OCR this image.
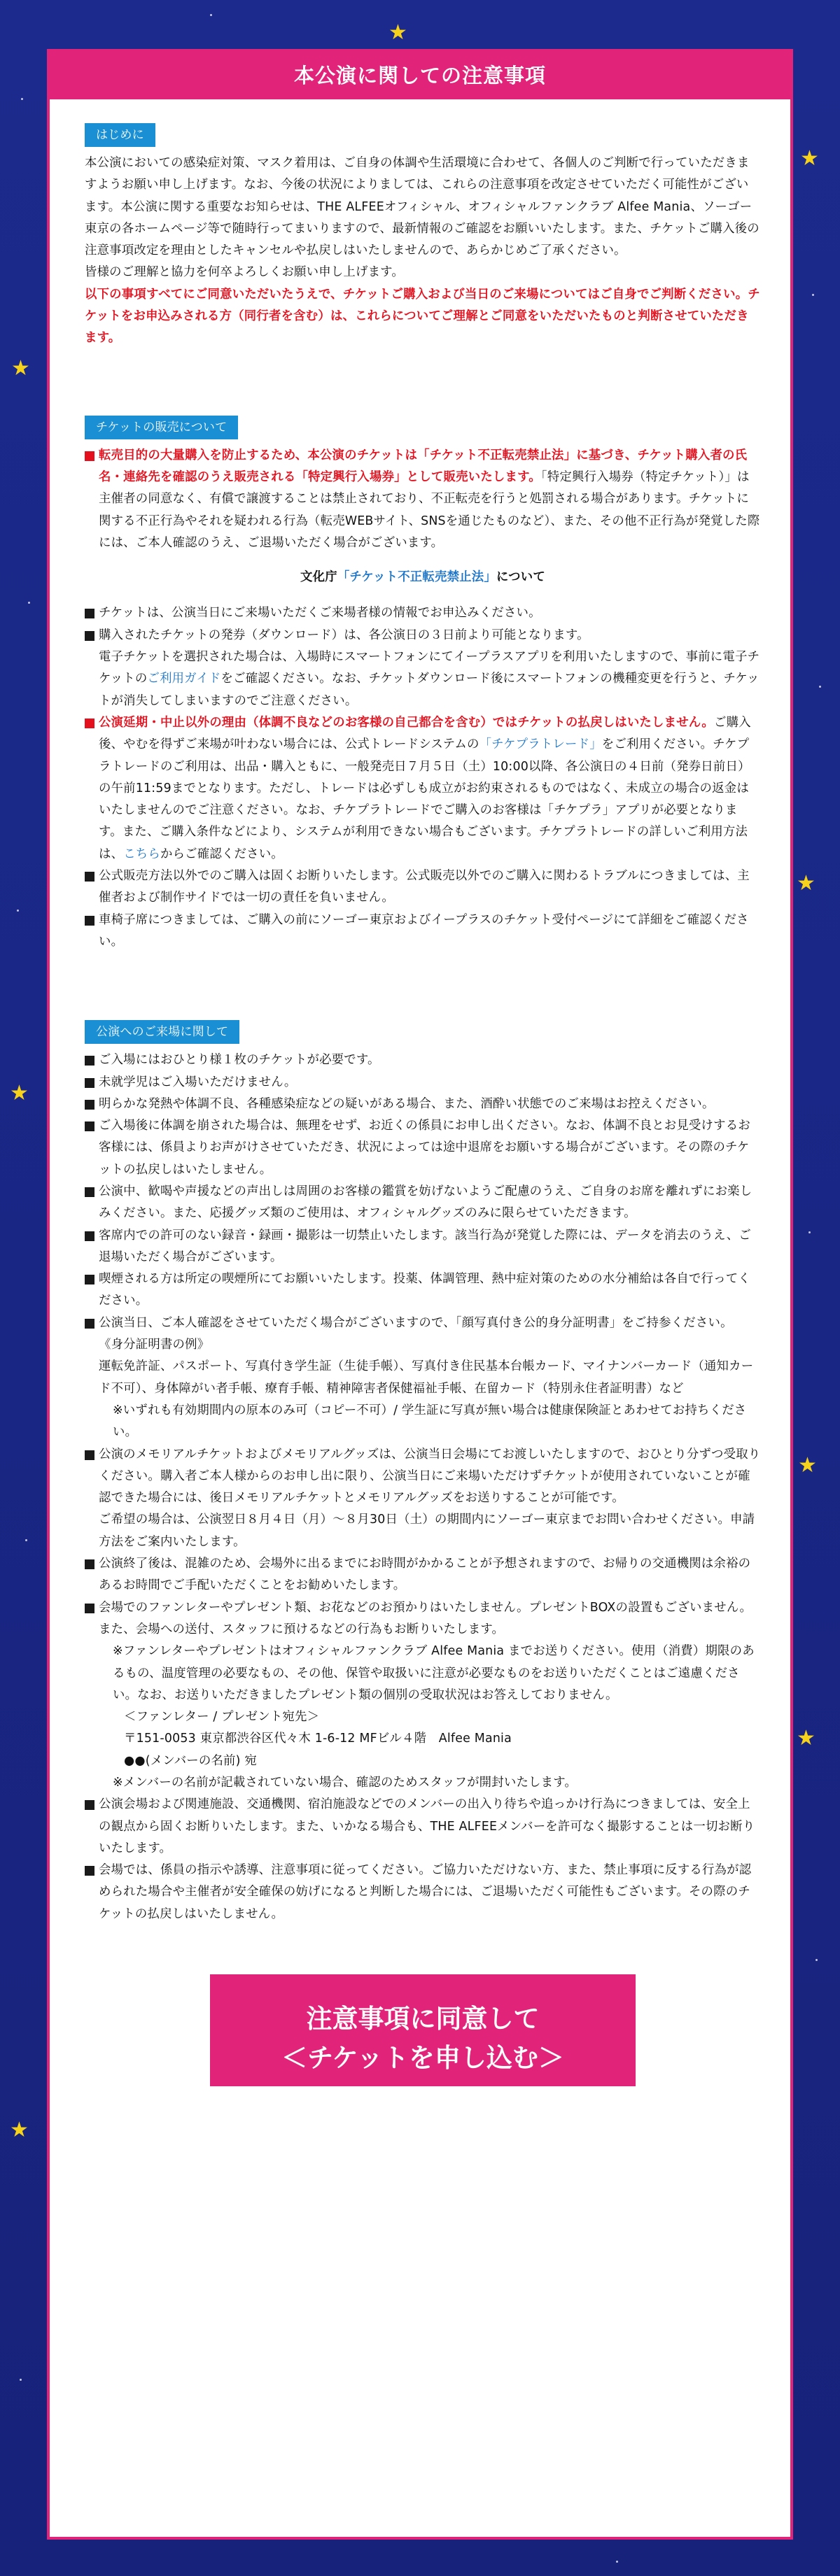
★
★
★
★
★
★
★
★
本公演に関しての注意事項
はじめに

本公演においての感染症対策、マスク着用は、ご自身の体調や生活環境に合わせて、各個人のご判断で行っていただきますようお願い申し上げます。なお、今後の状況によりましては、これらの注意事項を改定させていただく可能性がございます。本公演に関する重要なお知らせは、THE ALFEEオフィシャル、オフィシャルファンクラブ Alfee Mania、ソーゴー東京の各ホームページ等で随時行ってまいりますので、最新情報のご確認をお願いいたします。また、チケットご購入後の注意事項改定を理由としたキャンセルや払戻しはいたしませんので、あらかじめご了承ください。

皆様のご理解と協力を何卒よろしくお願い申し上げます。

以下の事項すべてにご同意いただいたうえで、チケットご購入および当日のご来場についてはご自身でご判断ください。チケットをお申込みされる方（同行者を含む）は、これらについてご理解とご同意をいただいたものと判断させていただきます。

チケットの販売について
転売目的の大量購入を防止するため、本公演のチケットは「チケット不正転売禁止法」に基づき、チケット購入者の氏名・連絡先を確認のうえ販売される「特定興行入場券」として販売いたします。「特定興行入場券（特定チケット）」は主催者の同意なく、有償で譲渡することは禁止されており、不正転売を行うと処罰される場合があります。チケットに関する不正行為やそれを疑われる行為（転売WEBサイト、SNSを通じたものなど）、また、その他不正行為が発覚した際には、ご本人確認のうえ、ご退場いただく場合がございます。

文化庁「チケット不正転売禁止法」について

チケットは、公演当日にご来場いただくご来場者様の情報でお申込みください。
購入されたチケットの発券（ダウンロード）は、各公演日の３日前より可能となります。

電子チケットを選択された場合は、入場時にスマートフォンにてイープラスアプリを利用いたしますので、事前に電子チケットのご利用ガイドをご確認ください。なお、チケットダウンロード後にスマートフォンの機種変更を行うと、チケットが消失してしまいますのでご注意ください。

公演延期・中止以外の理由（体調不良などのお客様の自己都合を含む）ではチケットの払戻しはいたしません。ご購入後、やむを得ずご来場が叶わない場合には、公式トレードシステムの「チケプラトレード」をご利用ください。チケプラトレードのご利用は、出品・購入ともに、一般発売日７月５日（土）10:00以降、各公演日の４日前（発券日前日）の午前11:59までとなります。ただし、トレードは必ずしも成立がお約束されるものではなく、未成立の場合の返金はいたしませんのでご注意ください。なお、チケプラトレードでご購入のお客様は「チケプラ」アプリが必要となります。また、ご購入条件などにより、システムが利用できない場合もございます。チケプラトレードの詳しいご利用方法は、こちらからご確認ください。
公式販売方法以外でのご購入は固くお断りいたします。公式販売以外でのご購入に関わるトラブルにつきましては、主催者および制作サイドでは一切の責任を負いません。
車椅子席につきましては、ご購入の前にソーゴー東京およびイープラスのチケット受付ページにて詳細をご確認ください。
公演へのご来場に関して
ご入場にはおひとり様１枚のチケットが必要です。
未就学児はご入場いただけません。
明らかな発熱や体調不良、各種感染症などの疑いがある場合、また、酒酔い状態でのご来場はお控えください。
ご入場後に体調を崩された場合は、無理をせず、お近くの係員にお申し出ください。なお、体調不良とお見受けするお客様には、係員よりお声がけさせていただき、状況によっては途中退席をお願いする場合がございます。その際のチケットの払戻しはいたしません。
公演中、歓喝や声援などの声出しは周囲のお客様の鑑賞を妨げないようご配慮のうえ、ご自身のお席を離れずにお楽しみください。また、応援グッズ類のご使用は、オフィシャルグッズのみに限らせていただきます。
客席内での許可のない録音・録画・撮影は一切禁止いたします。該当行為が発覚した際には、データを消去のうえ、ご退場いただく場合がございます。
喫煙される方は所定の喫煙所にてお願いいたします。投薬、体調管理、熱中症対策のための水分補給は各自で行ってください。
公演当日、ご本人確認をさせていただく場合がございますので、「顔写真付き公的身分証明書」をご持参ください。

《身分証明書の例》

運転免許証、パスポート、写真付き学生証（生徒手帳）、写真付き住民基本台帳カード、マイナンバーカード（通知カード不可）、身体障がい者手帳、療育手帳、精神障害者保健福祉手帳、在留カード（特別永住者証明書）など

※いずれも有効期間内の原本のみ可（コピー不可）/ 学生証に写真が無い場合は健康保険証とあわせてお持ちください。

公演のメモリアルチケットおよびメモリアルグッズは、公演当日会場にてお渡しいたしますので、おひとり分ずつ受取りください。購入者ご本人様からのお申し出に限り、公演当日にご来場いただけずチケットが使用されていないことが確認できた場合には、後日メモリアルチケットとメモリアルグッズをお送りすることが可能です。

ご希望の場合は、公演翌日８月４日（月）〜８月30日（土）の期間内にソーゴー東京までお問い合わせください。申請方法をご案内いたします。

公演終了後は、混雑のため、会場外に出るまでにお時間がかかることが予想されますので、お帰りの交通機関は余裕のあるお時間でご手配いただくことをお勧めいたします。
会場でのファンレターやプレゼント類、お花などのお預かりはいたしません。プレゼントBOXの設置もございません。また、会場への送付、スタッフに預けるなどの行為もお断りいたします。

※ファンレターやプレゼントはオフィシャルファンクラブ Alfee Mania までお送りください。使用（消費）期限のあるもの、温度管理の必要なもの、その他、保管や取扱いに注意が必要なものをお送りいただくことはご遠慮ください。なお、お送りいただきましたプレゼント類の個別の受取状況はお答えしておりません。

＜ファンレター / プレゼント宛先＞

〒151-0053 東京都渋谷区代々木 1-6-12 MFビル４階　Alfee Mania

●●(メンバーの名前) 宛

※メンバーの名前が記載されていない場合、確認のためスタッフが開封いたします。

公演会場および関連施設、交通機関、宿泊施設などでのメンバーの出入り待ちや追っかけ行為につきましては、安全上の観点から固くお断りいたします。また、いかなる場合も、THE ALFEEメンバーを許可なく撮影することは一切お断りいたします。
会場では、係員の指示や誘導、注意事項に従ってください。ご協力いただけない方、また、禁止事項に反する行為が認められた場合や主催者が安全確保の妨げになると判断した場合には、ご退場いただく可能性もございます。その際のチケットの払戻しはいたしません。
注意事項に同意して
＜チケットを申し込む＞
